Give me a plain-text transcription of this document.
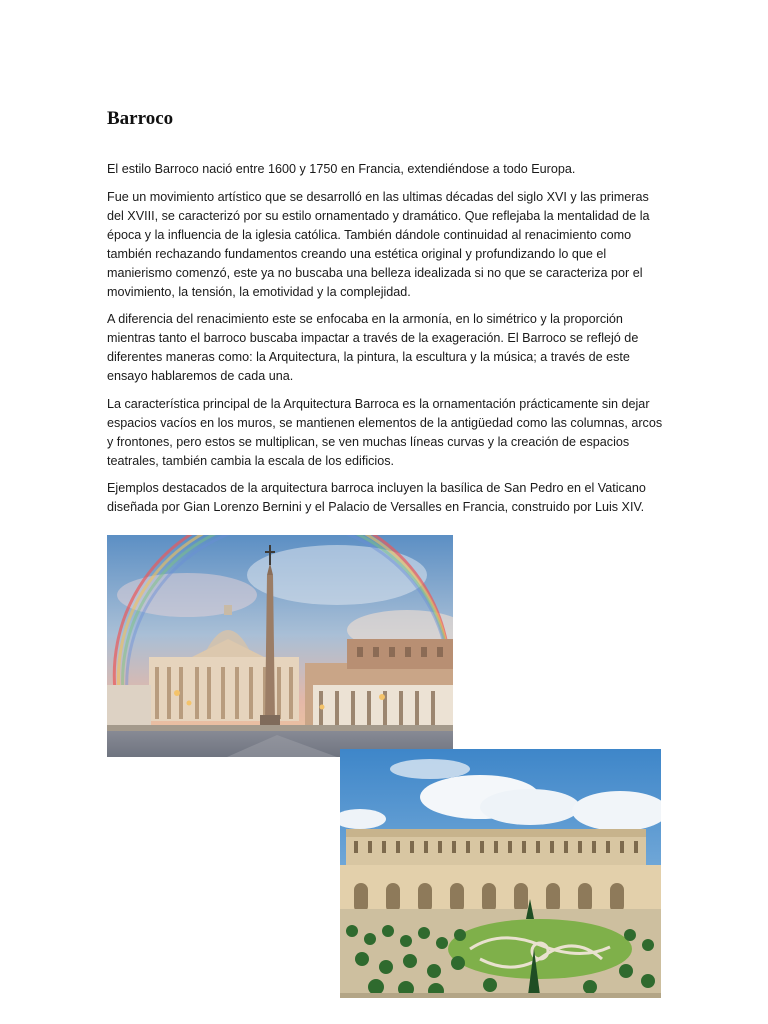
Barroco

El estilo Barroco nació entre 1600 y 1750 en Francia, extendiéndose a todo Europa.

Fue un movimiento artístico que se desarrolló en las ultimas décadas del siglo XVI y las primeras del XVIII, se caracterizó por su estilo ornamentado y dramático. Que reflejaba la mentalidad de la época y la influencia de la iglesia católica. También dándole continuidad al renacimiento como también rechazando fundamentos creando una estética original y profundizando lo que el manierismo comenzó, este ya no buscaba una belleza idealizada si no que se caracteriza por el movimiento, la tensión, la emotividad y la complejidad.

A diferencia del renacimiento este se enfocaba en la armonía, en lo simétrico y la proporción mientras tanto el barroco buscaba impactar a través de la exageración. El Barroco se reflejó de diferentes maneras como: la Arquitectura, la pintura, la escultura y la música; a través de este ensayo hablaremos de cada una.

La característica principal de la Arquitectura Barroca es la ornamentación prácticamente sin dejar espacios vacíos en los muros, se mantienen elementos de la antigüedad como las columnas, arcos y frontones, pero estos se multiplican, se ven muchas líneas curvas y la creación de espacios teatrales, también cambia la escala de los edificios.

Ejemplos destacados de la arquitectura barroca incluyen la basílica de San Pedro en el Vaticano diseñada por Gian Lorenzo Bernini y el Palacio de Versalles en Francia, construido por Luis XIV.
